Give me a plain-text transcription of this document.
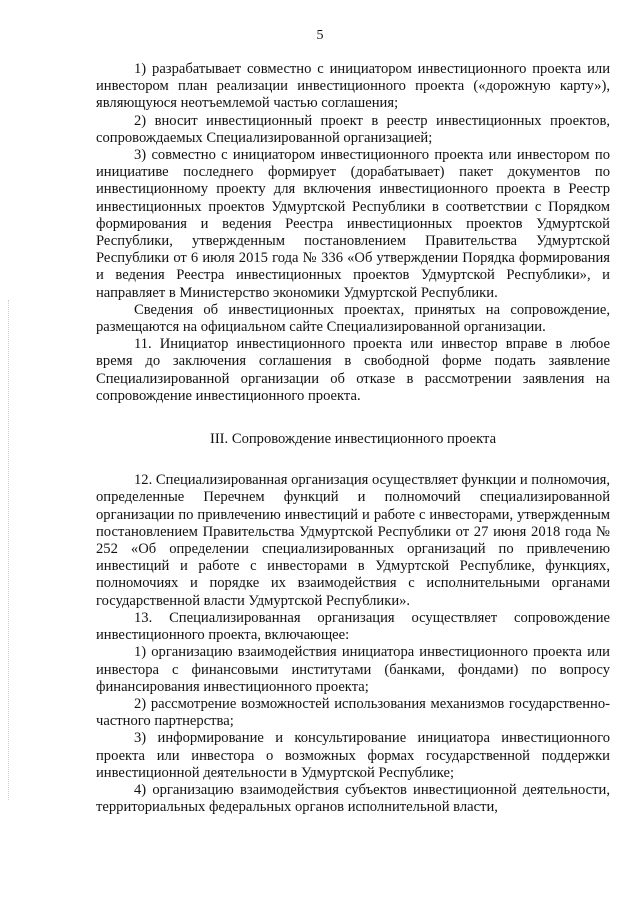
5

1) разрабатывает совместно с инициатором инвестиционного проекта или инвестором план реализации инвестиционного проекта («дорожную карту»), являющуюся неотъемлемой частью соглашения;

2) вносит инвестиционный проект в реестр инвестиционных проектов, сопровождаемых Специализированной организацией;

3) совместно с инициатором инвестиционного проекта или инвестором по инициативе последнего формирует (дорабатывает) пакет документов по инвестиционному проекту для включения инвестиционного проекта в Реестр инвестиционных проектов Удмуртской Республики в соответствии с Порядком формирования и ведения Реестра инвестиционных проектов Удмуртской Республики, утвержденным постановлением Правительства Удмуртской Республики от 6 июля 2015 года № 336 «Об утверждении Порядка формирования и ведения Реестра инвестиционных проектов Удмуртской Республики», и направляет в Министерство экономики Удмуртской Республики.

Сведения об инвестиционных проектах, принятых на сопровождение, размещаются на официальном сайте Специализированной организации.

11. Инициатор инвестиционного проекта или инвестор вправе в любое время до заключения соглашения в свободной форме подать заявление Специализированной организации об отказе в рассмотрении заявления на сопровождение инвестиционного проекта.

III. Сопровождение инвестиционного проекта

12. Специализированная организация осуществляет функции и полномочия, определенные Перечнем функций и полномочий специализированной организации по привлечению инвестиций и работе с инвесторами, утвержденным постановлением Правительства Удмуртской Республики от 27 июня 2018 года № 252 «Об определении специализированных организаций по привлечению инвестиций и работе с инвесторами в Удмуртской Республике, функциях, полномочиях и порядке их взаимодействия с исполнительными органами государственной власти Удмуртской Республики».

13. Специализированная организация осуществляет сопровождение инвестиционного проекта, включающее:

1) организацию взаимодействия инициатора инвестиционного проекта или инвестора с финансовыми институтами (банками, фондами) по вопросу финансирования инвестиционного проекта;

2) рассмотрение возможностей использования механизмов государственно-частного партнерства;

3) информирование и консультирование инициатора инвестиционного проекта или инвестора о возможных формах государственной поддержки инвестиционной деятельности в Удмуртской Республике;

4) организацию взаимодействия субъектов инвестиционной деятельности, территориальных федеральных органов исполнительной власти,
